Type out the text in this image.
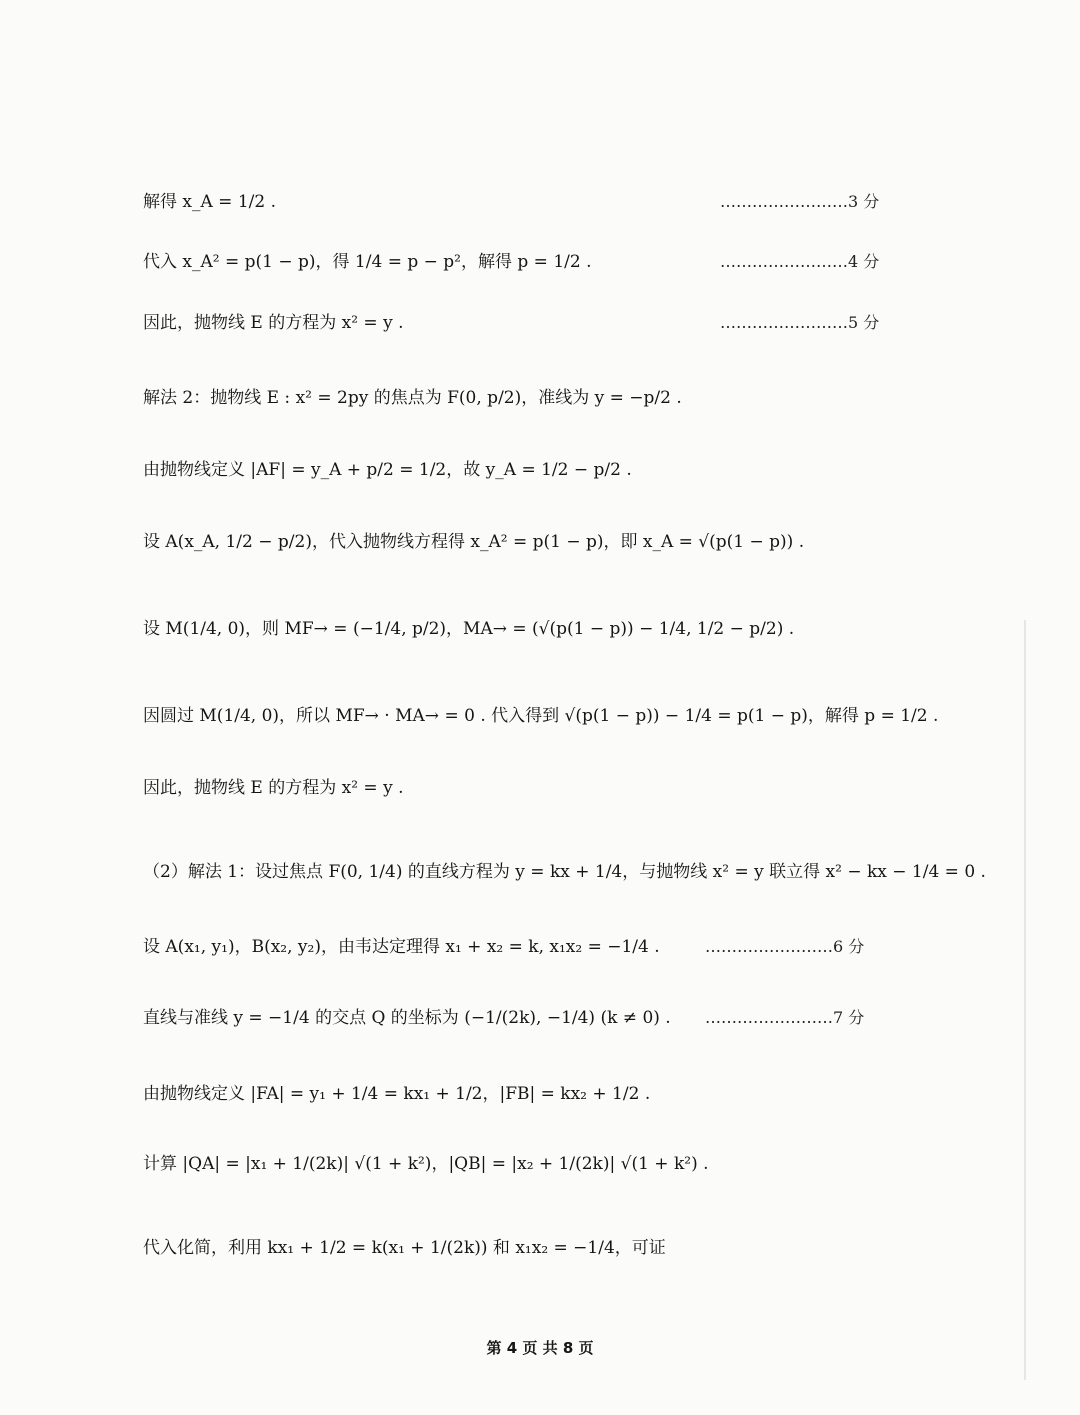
解得 x_A = 1/2 .	……………………3 分
代入 x_A² = p(1 − p)，得 1/4 = p − p²，解得 p = 1/2 .	……………………4 分
因此，抛物线 E 的方程为 x² = y .	……………………5 分
解法 2：抛物线 E : x² = 2py 的焦点为 F(0, p/2)，准线为 y = −p/2 .
由抛物线定义 |AF| = y_A + p/2 = 1/2，故 y_A = 1/2 − p/2 .
设 A(x_A, 1/2 − p/2)，代入抛物线方程得 x_A² = p(1 − p)，即 x_A = √(p(1 − p)) .
设 M(1/4, 0)，则 MF→ = (−1/4, p/2)，MA→ = (√(p(1 − p)) − 1/4, 1/2 − p/2) .
因圆过 M(1/4, 0)，所以 MF→ · MA→ = 0 . 代入得到 √(p(1 − p)) − 1/4 = p(1 − p)，解得 p = 1/2 .
因此，抛物线 E 的方程为 x² = y .
（2）解法 1：设过焦点 F(0, 1/4) 的直线方程为 y = kx + 1/4，与抛物线 x² = y 联立得 x² − kx − 1/4 = 0 .
设 A(x₁, y₁)，B(x₂, y₂)，由韦达定理得 x₁ + x₂ = k, x₁x₂ = −1/4 .	……………………6 分
直线与准线 y = −1/4 的交点 Q 的坐标为 (−1/(2k), −1/4) (k ≠ 0) . ……………………7 分
由抛物线定义 |FA| = y₁ + 1/4 = kx₁ + 1/2，|FB| = kx₂ + 1/2 .
计算 |QA| = |x₁ + 1/(2k)| √(1 + k²)，|QB| = |x₂ + 1/(2k)| √(1 + k²) .
代入化简，利用 kx₁ + 1/2 = k(x₁ + 1/(2k)) 和 x₁x₂ = −1/4，可证
第 4 页 共 8 页
